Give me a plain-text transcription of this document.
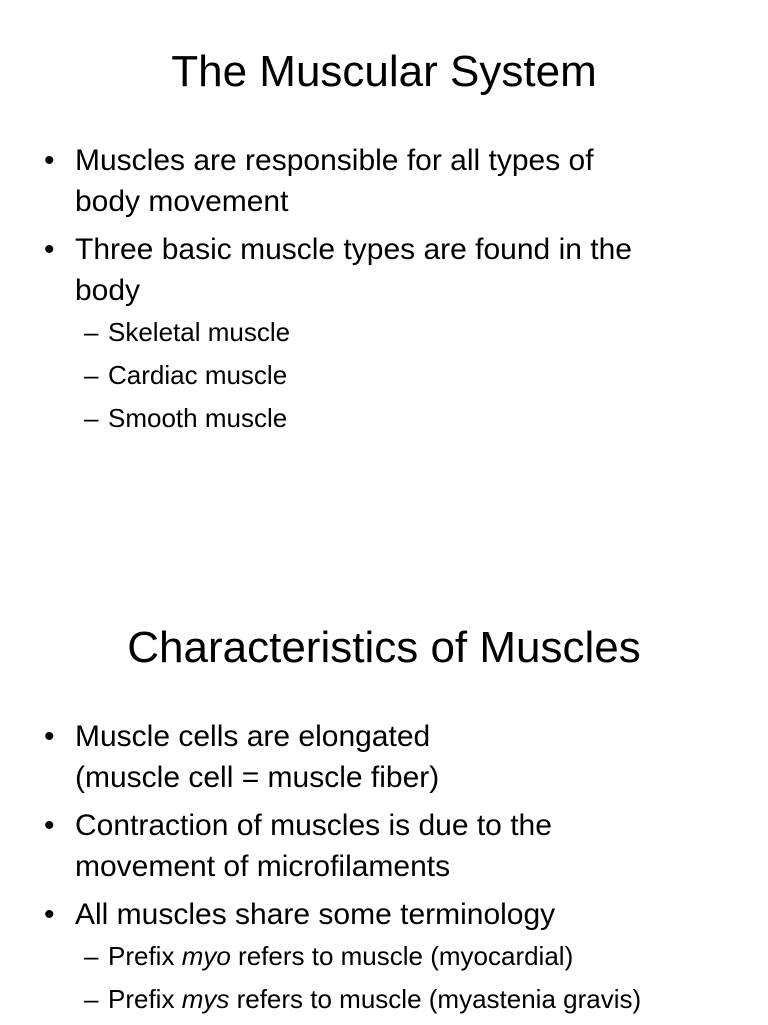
The Muscular System
• Muscles are responsible for all types of
body movement
• Three basic muscle types are found in the
body
– Skeletal muscle
– Cardiac muscle
– Smooth muscle
Characteristics of Muscles
• Muscle cells are elongated
(muscle cell = muscle fiber)
• Contraction of muscles is due to the
movement of microfilaments
• All muscles share some terminology
– Prefix myo refers to muscle (myocardial)
– Prefix mys refers to muscle (myastenia gravis)
